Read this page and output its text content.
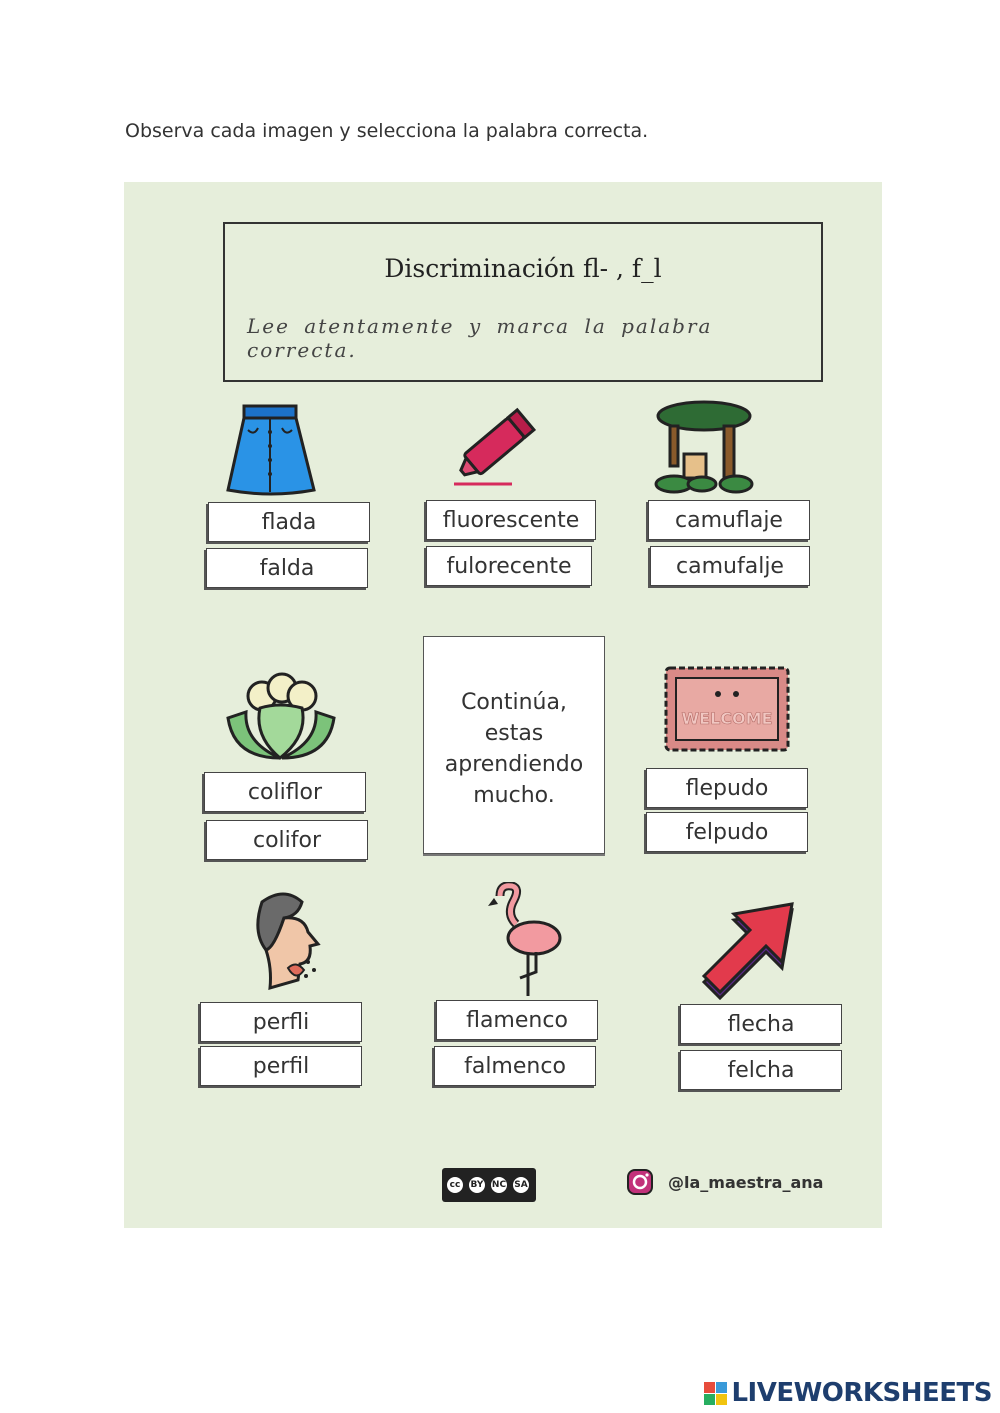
Observa cada imagen y selecciona la palabra correcta.
Discriminación fl- , f_l
Lee atentamente y marca la palabra correcta.
flada
falda
fluorescente
fulorecente
camuflaje
camufalje
coliflor
colifor
Continúa,
estas
aprendiendo
mucho.
WELCOME
flepudo
felpudo
perfli
perfil
flamenco
falmenco
flecha
felcha
cc	BY NC SA	@la_maestra_ana
LIVEWORKSHEETS
